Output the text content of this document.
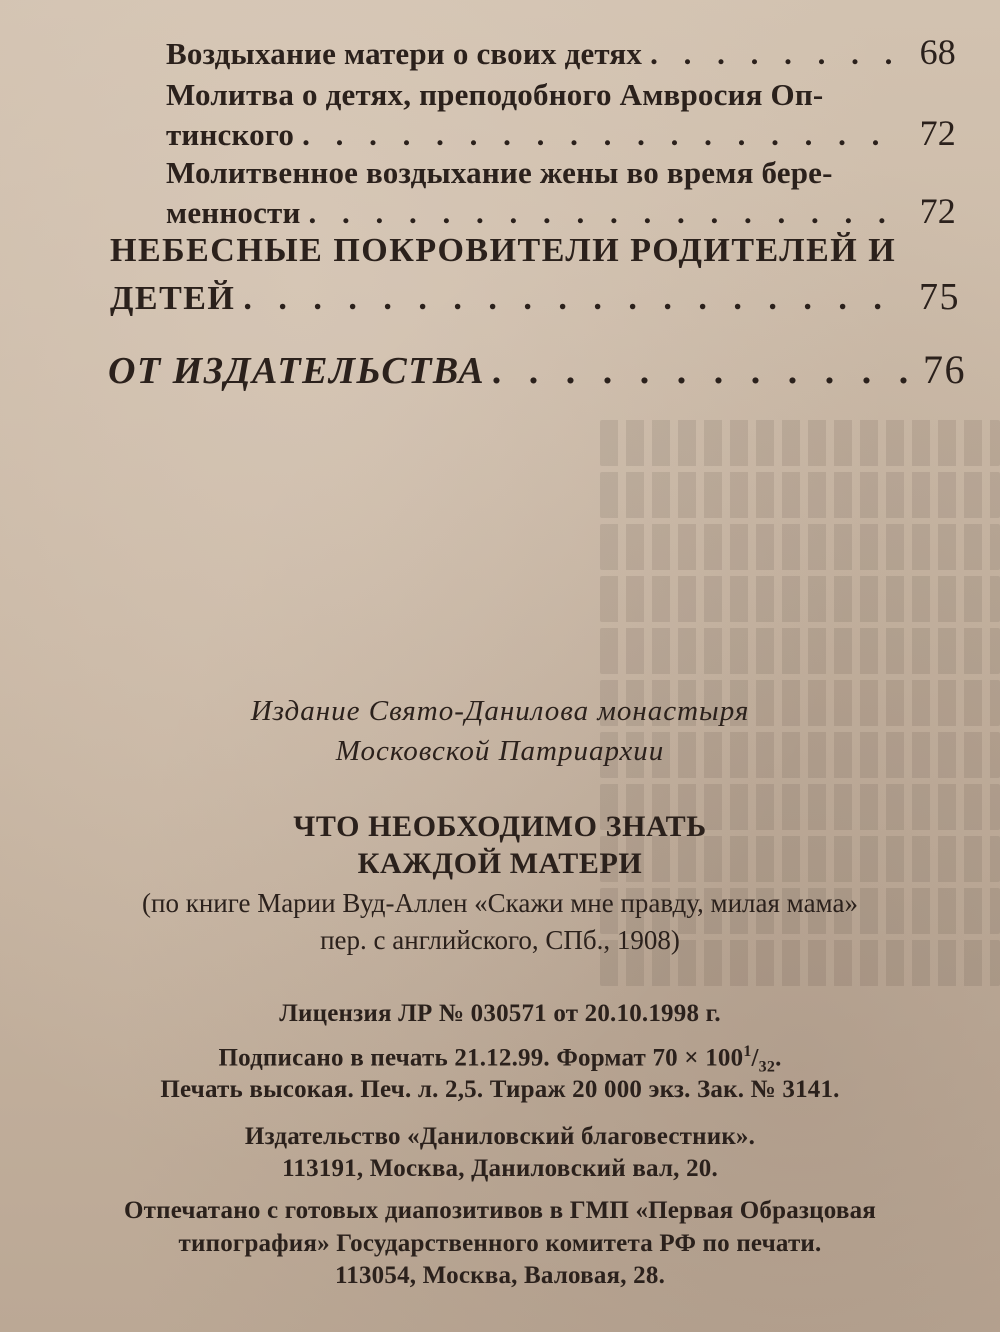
Воздыхание матери о своих детях . . .	68
Молитва о детях, преподобного Амвросия Оп-
тинского . . .	72
Молитвенное воздыхание жены во время бере-
менности . . .	72
НЕБЕСНЫЕ ПОКРОВИТЕЛИ РОДИТЕЛЕЙ И
ДЕТЕЙ . . .	75
ОТ ИЗДАТЕЛЬСТВА . . .	76
Издание Свято-Данилова монастыря
Московской Патриархии
ЧТО НЕОБХОДИМО ЗНАТЬ
КАЖДОЙ МАТЕРИ
(по книге Марии Вуд-Аллен «Скажи мне правду, милая мама»
пер. с английского, СПб., 1908)
Лицензия ЛР № 030571 от 20.10.1998 г.
Подписано в печать 21.12.99. Формат $70 \times 100^1/_{32}$.
Печать высокая. Печ. л. 2,5. Тираж 20 000 экз. Зак. № 3141.
Издательство «Даниловский благовестник».
113191, Москва, Даниловский вал, 20.
Отпечатано с готовых диапозитивов в ГМП «Первая Образцовая
типография» Государственного комитета РФ по печати.
113054, Москва, Валовая, 28.
